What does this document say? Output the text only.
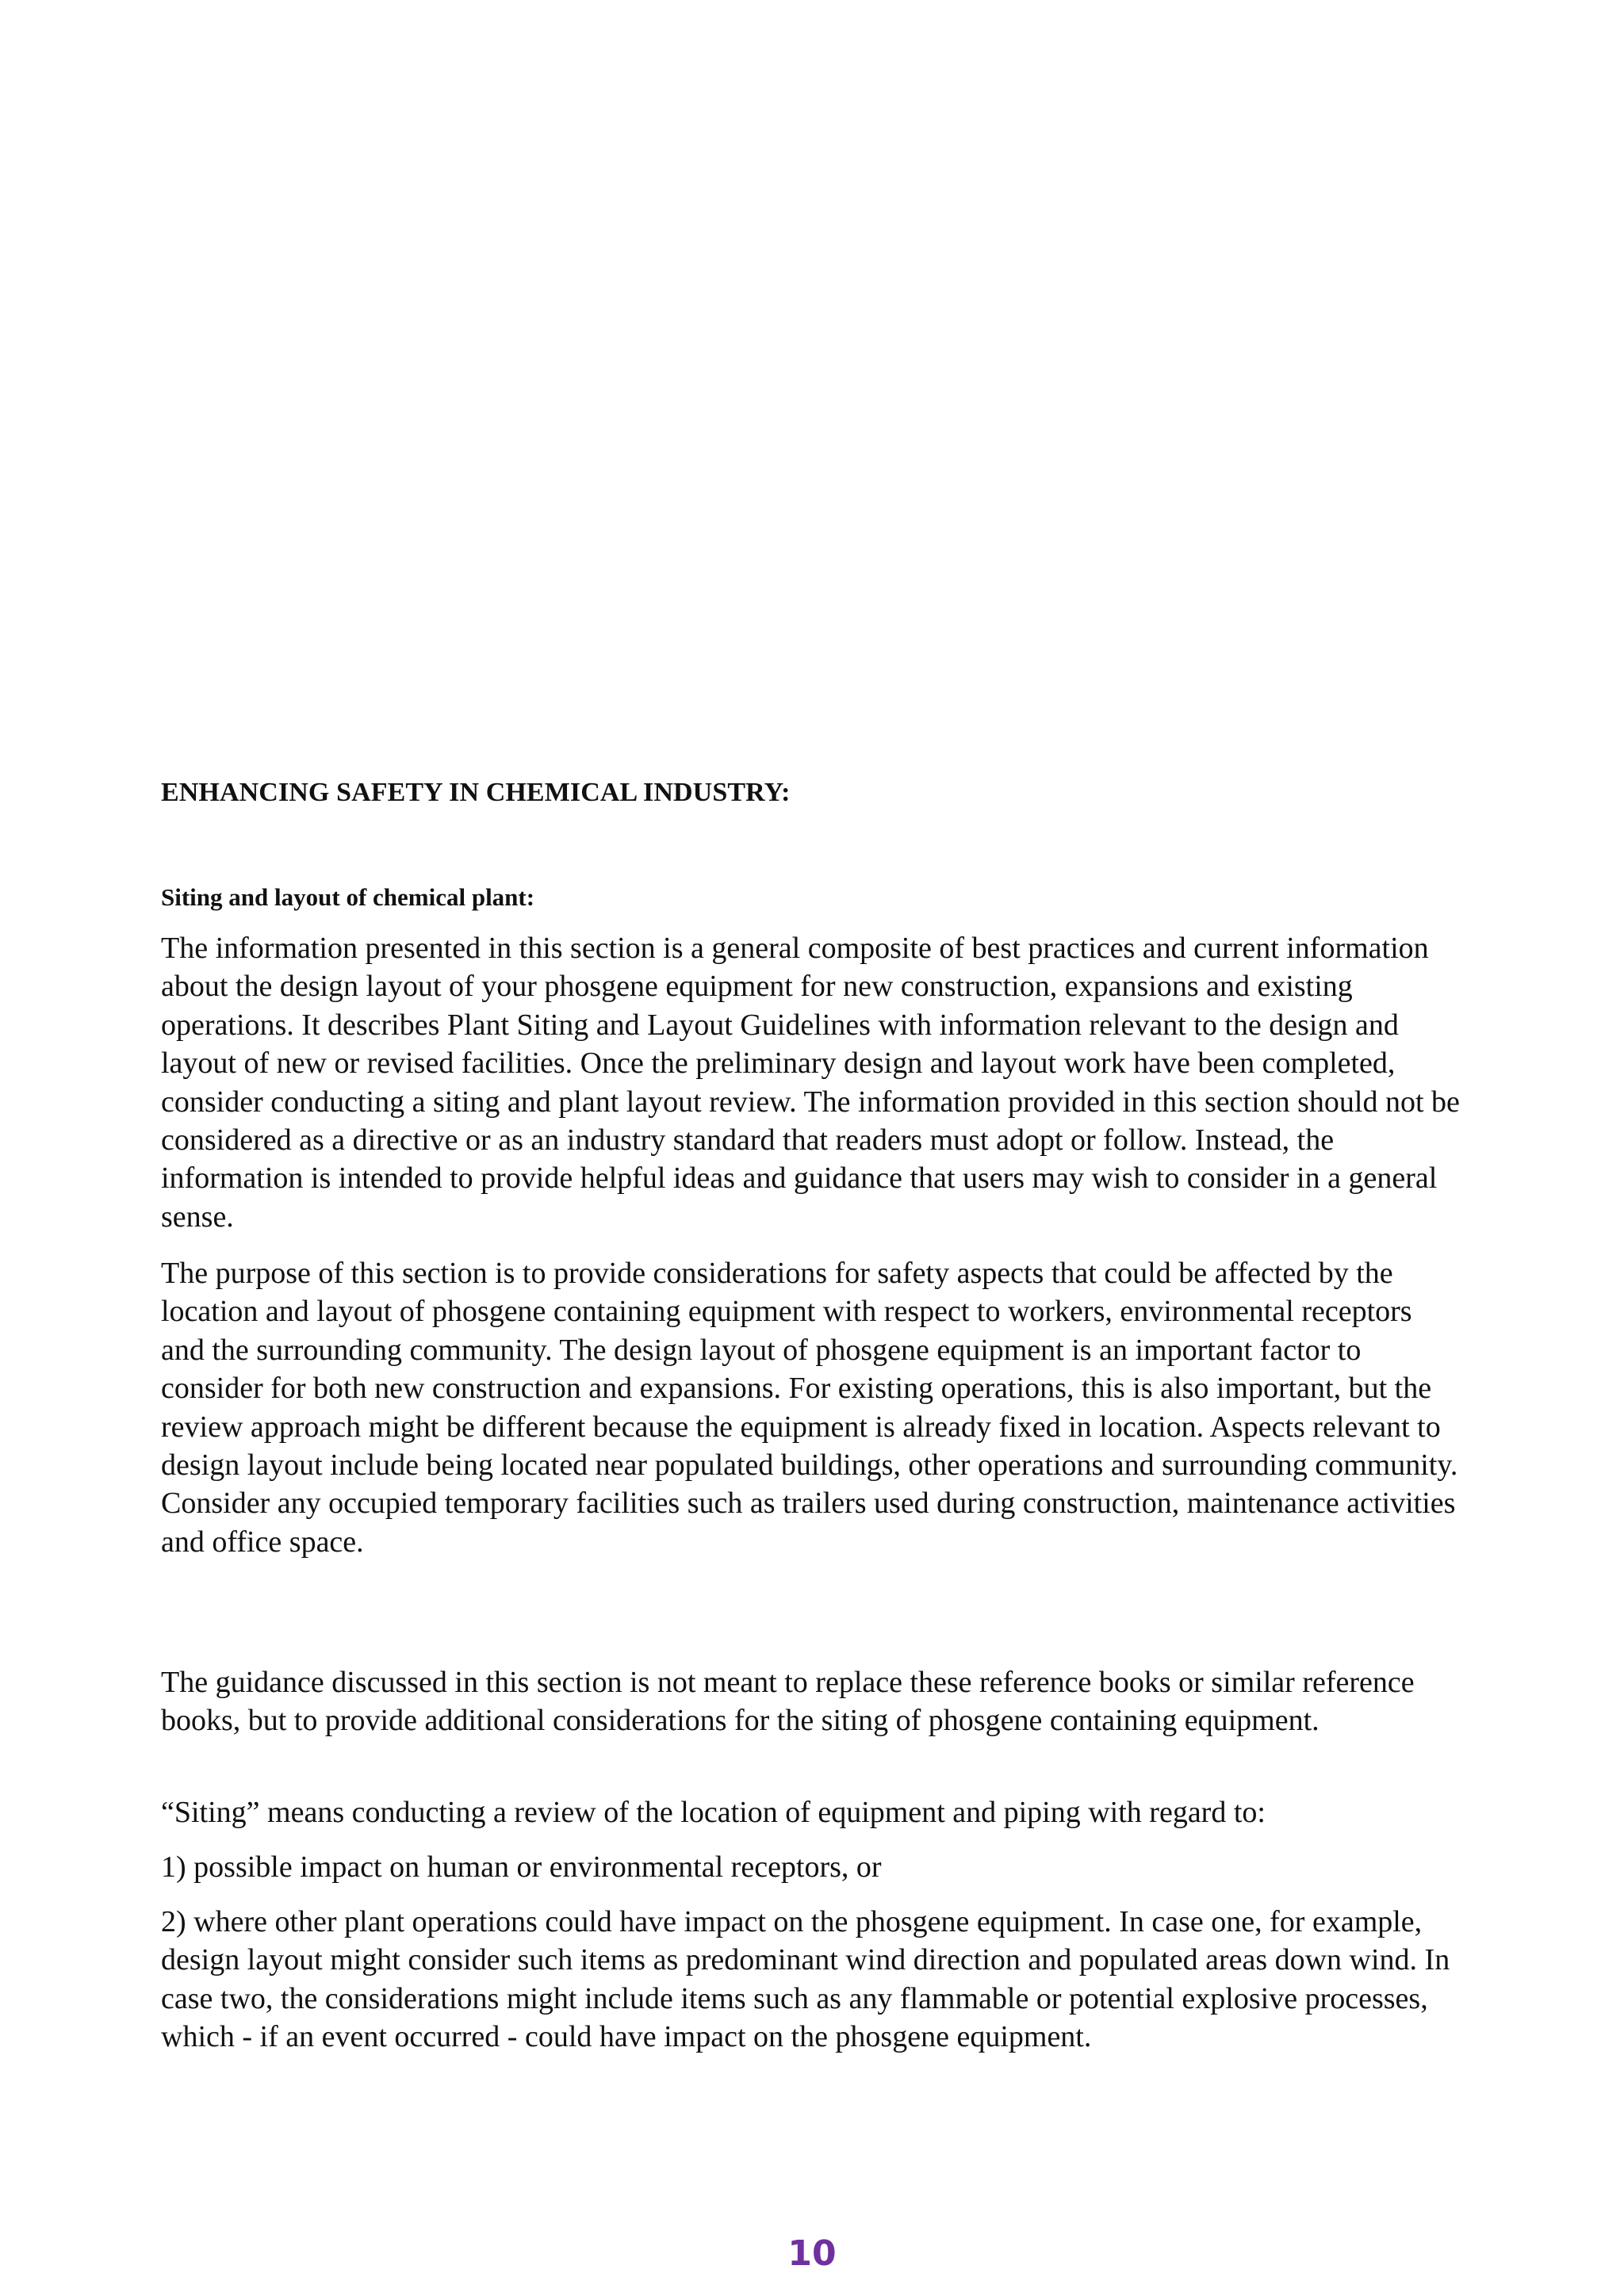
ENHANCING SAFETY IN CHEMICAL INDUSTRY:
Siting and layout of chemical plant:

The information presented in this section is a general composite of best practices and current information about the design layout of your phosgene equipment for new construction, expansions and existing operations. It describes Plant Siting and Layout Guidelines with information relevant to the design and layout of new or revised facilities. Once the preliminary design and layout work have been completed, consider conducting a siting and plant layout review. The information provided in this section should not be considered as a directive or as an industry standard that readers must adopt or follow. Instead, the information is intended to provide helpful ideas and guidance that users may wish to consider in a general sense.

The purpose of this section is to provide considerations for safety aspects that could be affected by the location and layout of phosgene containing equipment with respect to workers, environmental receptors and the surrounding community. The design layout of phosgene equipment is an important factor to consider for both new construction and expansions. For existing operations, this is also important, but the review approach might be different because the equipment is already fixed in location. Aspects relevant to design layout include being located near populated buildings, other operations and surrounding community. Consider any occupied temporary facilities such as trailers used during construction, maintenance activities and office space.

The guidance discussed in this section is not meant to replace these reference books or similar reference books, but to provide additional considerations for the siting of phosgene containing equipment.

“Siting” means conducting a review of the location of equipment and piping with regard to:

1) possible impact on human or environmental receptors, or

2) where other plant operations could have impact on the phosgene equipment. In case one, for example, design layout might consider such items as predominant wind direction and populated areas down wind. In case two, the considerations might include items such as any flammable or potential explosive processes, which - if an event occurred - could have impact on the phosgene equipment.

10
